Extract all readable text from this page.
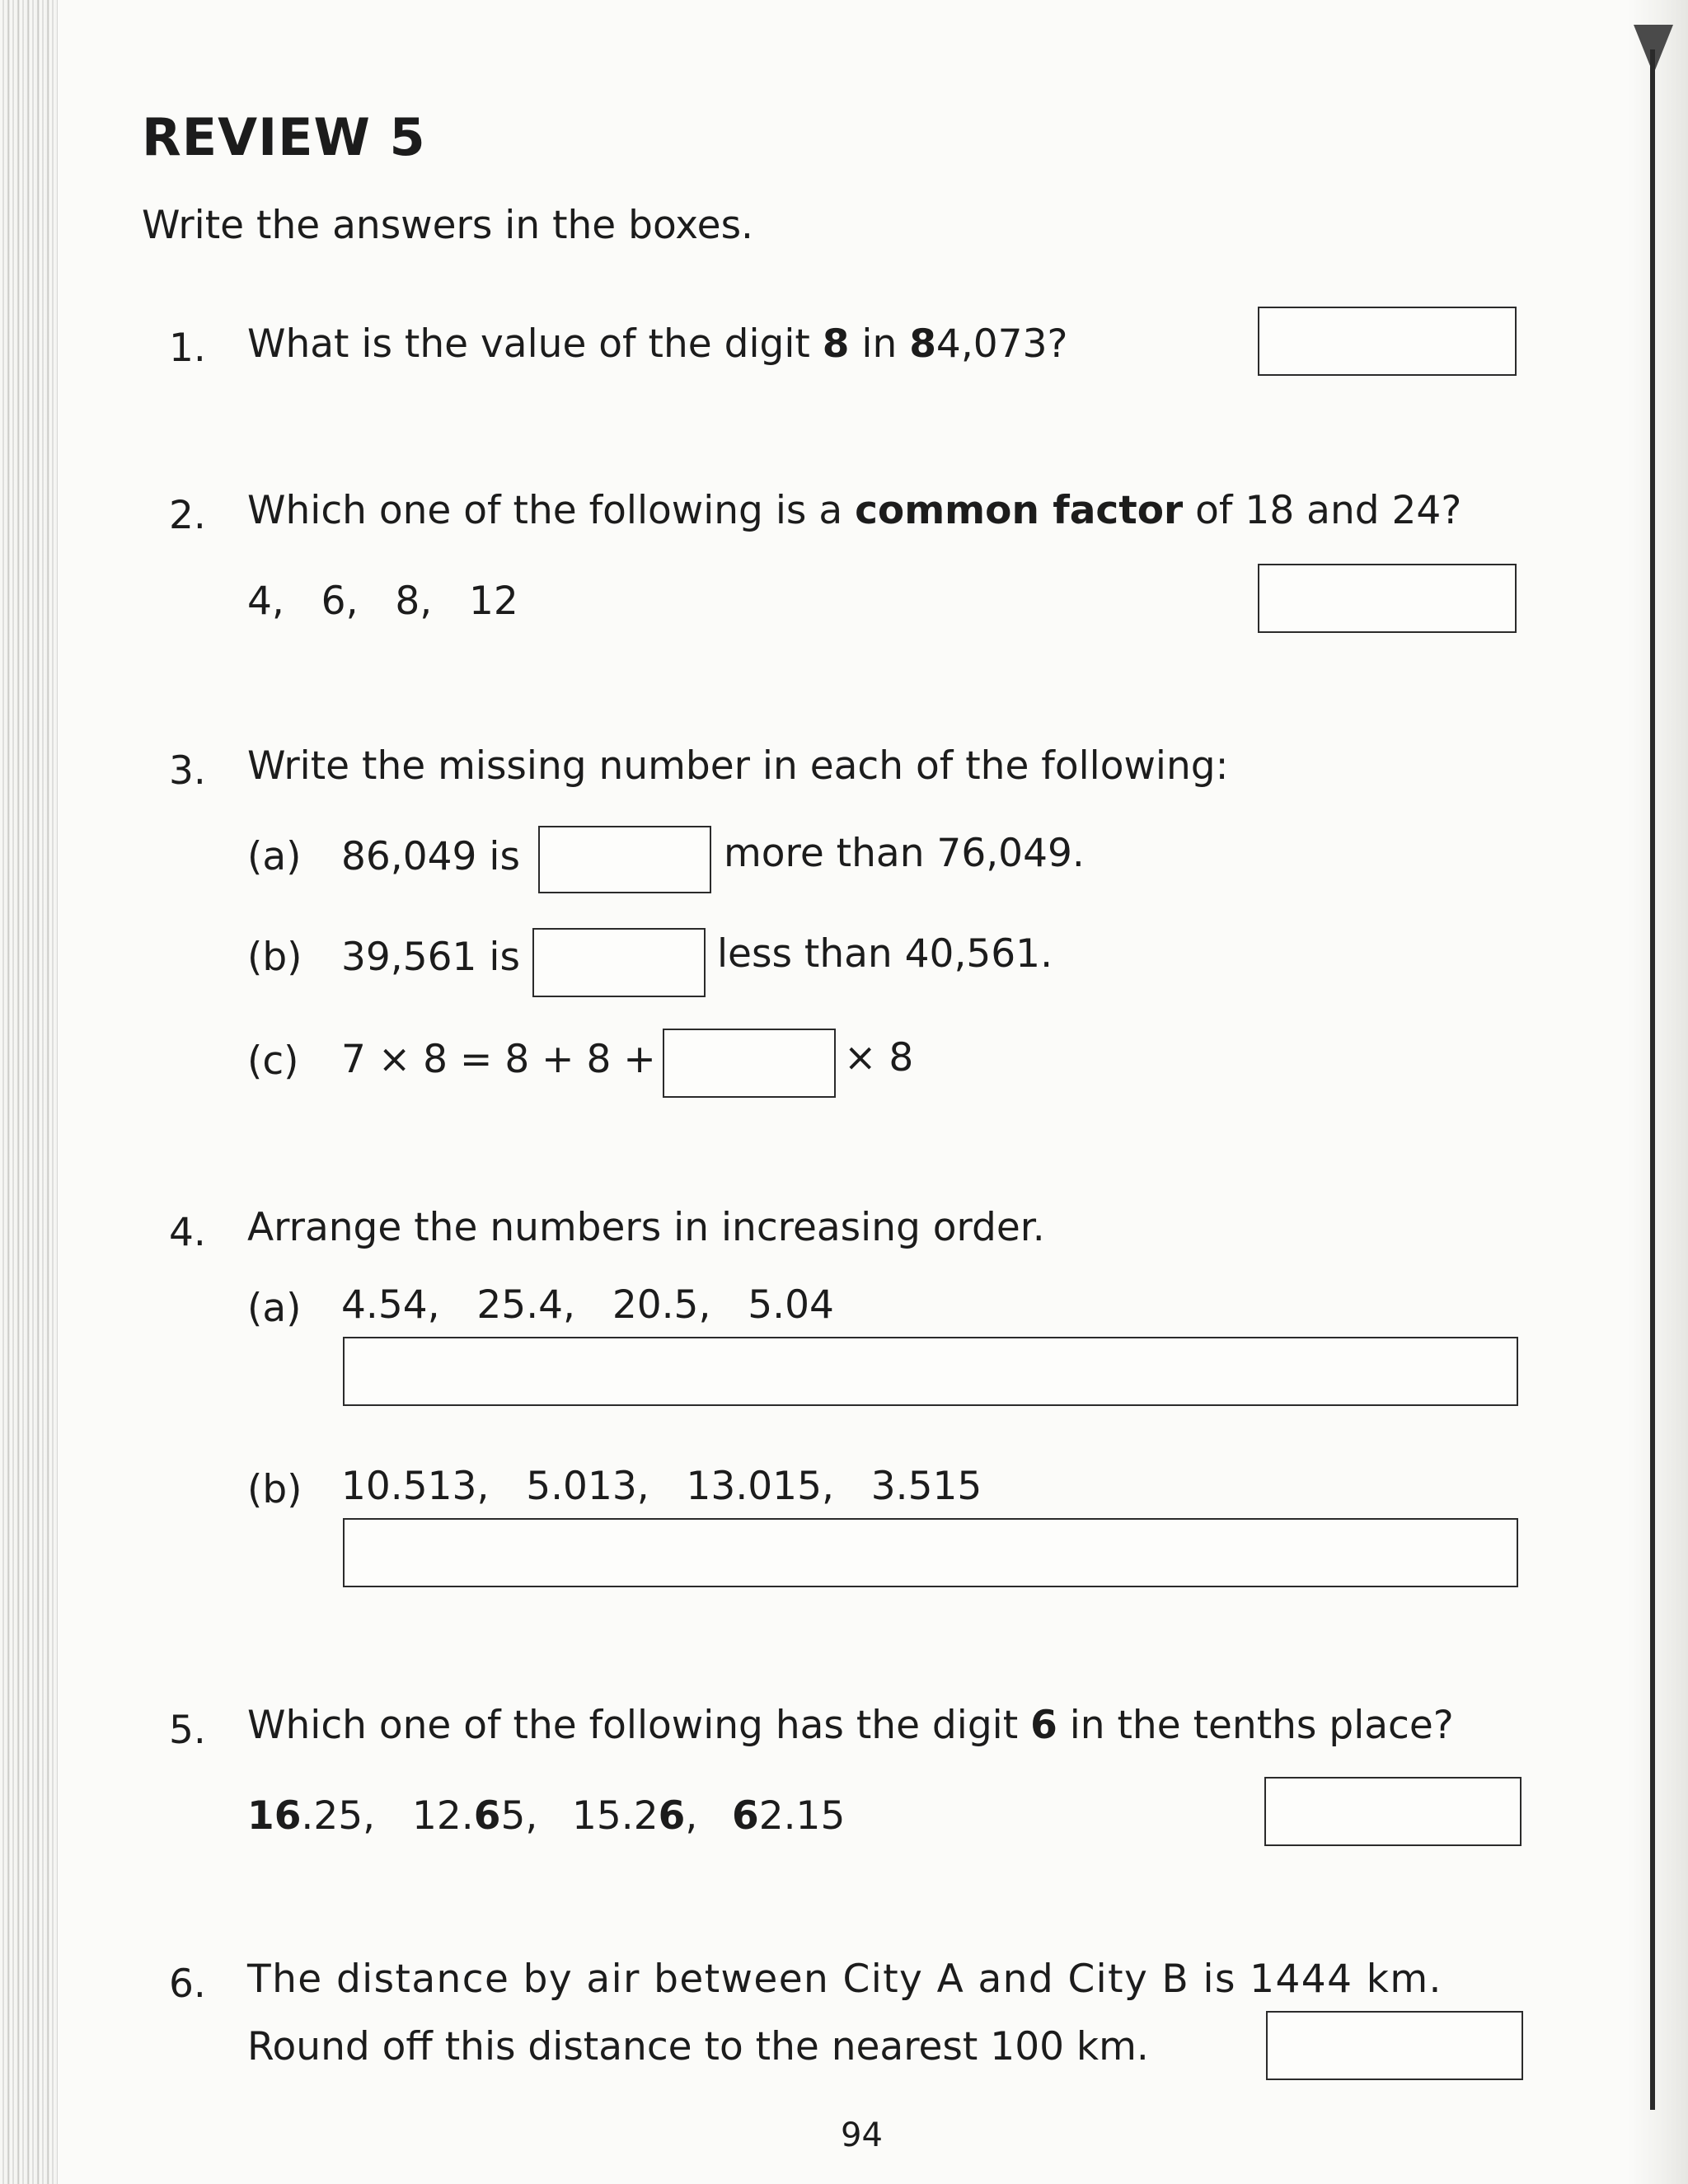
REVIEW 5
Write the answers in the boxes.
1. What is the value of the digit 8 in 84,073?
2. Which one of the following is a common factor of 18 and 24?
4,   6,   8,   12
3. Write the missing number in each of the following:
(a) 86,049 is	more than 76,049.
(b) 39,561 is	less than 40,561.
(c) 7 × 8 = 8 + 8 +	× 8
4. Arrange the numbers in increasing order.
(a) 4.54,   25.4,   20.5,   5.04
(b) 10.513,   5.013,   13.015,   3.515
5. Which one of the following has the digit 6 in the tenths place?
16.25, 12.65, 15.26, 62.15
6. The distance by air between City A and City B is 1444 km.
Round off this distance to the nearest 100 km.
94
